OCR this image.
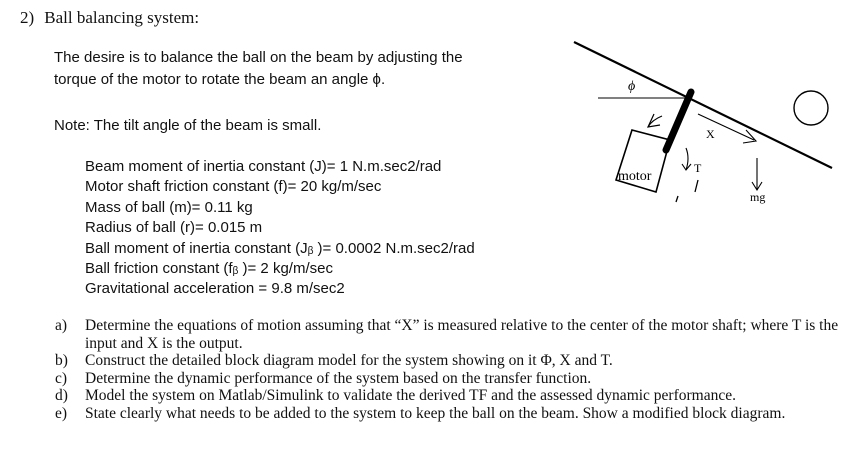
2) Ball balancing system:
The desire is to balance the ball on the beam by adjusting the
torque of the motor to rotate the beam an angle ϕ.
Note: The tilt angle of the beam is small.
Beam moment of inertia constant (J)= 1 N.m.sec2/rad
Motor shaft friction constant (f)= 20 kg/m/sec
Mass of ball (m)= 0.11 kg
Radius of ball (r)= 0.015 m
Ball moment of inertia constant (Jᵦ )= 0.0002 N.m.sec2/rad
Ball friction constant (fᵦ )= 2 kg/m/sec
Gravitational acceleration = 9.8 m/sec2
a)	Determine the equations of motion assuming that “X” is measured relative to the center of the motor shaft; where T is the input and X is the output.
b)	Construct the detailed block diagram model for the system showing on it Φ, X and T.
c)	Determine the dynamic performance of the system based on the transfer function.
d)	Model the system on Matlab/Simulink to validate the derived TF and the assessed dynamic performance.
e)	State clearly what needs to be added to the system to keep the ball on the beam. Show a modified block diagram.
ϕ
motor
X
T
mg
